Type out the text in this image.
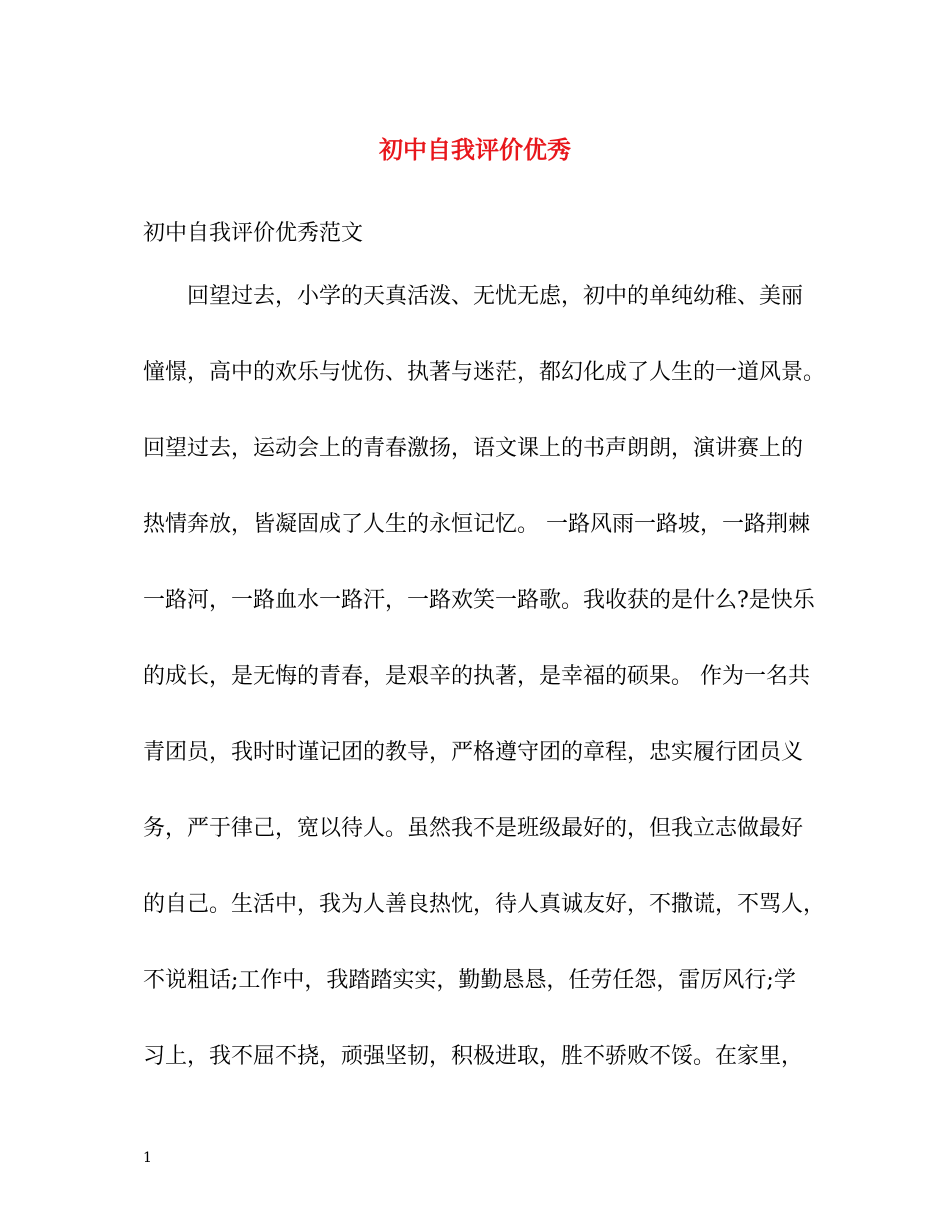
初中自我评价优秀

初中自我评价优秀范文

　　回望过去，小学的天真活泼、无忧无虑，初中的单纯幼稚、美丽
憧憬，高中的欢乐与忧伤、执著与迷茫，都幻化成了人生的一道风景。
回望过去，运动会上的青春激扬，语文课上的书声朗朗，演讲赛上的
热情奔放，皆凝固成了人生的永恒记忆。 一路风雨一路坡，一路荆棘
一路河，一路血水一路汗，一路欢笑一路歌。我收获的是什么?是快乐
的成长，是无悔的青春，是艰辛的执著，是幸福的硕果。 作为一名共
青团员，我时时谨记团的教导，严格遵守团的章程，忠实履行团员义
务，严于律己，宽以待人。虽然我不是班级最好的，但我立志做最好
的自己。生活中，我为人善良热忱，待人真诚友好，不撒谎，不骂人，
不说粗话;工作中，我踏踏实实，勤勤恳恳，任劳任怨，雷厉风行;学
习上，我不屈不挠，顽强坚韧，积极进取，胜不骄败不馁。在家里，
1
